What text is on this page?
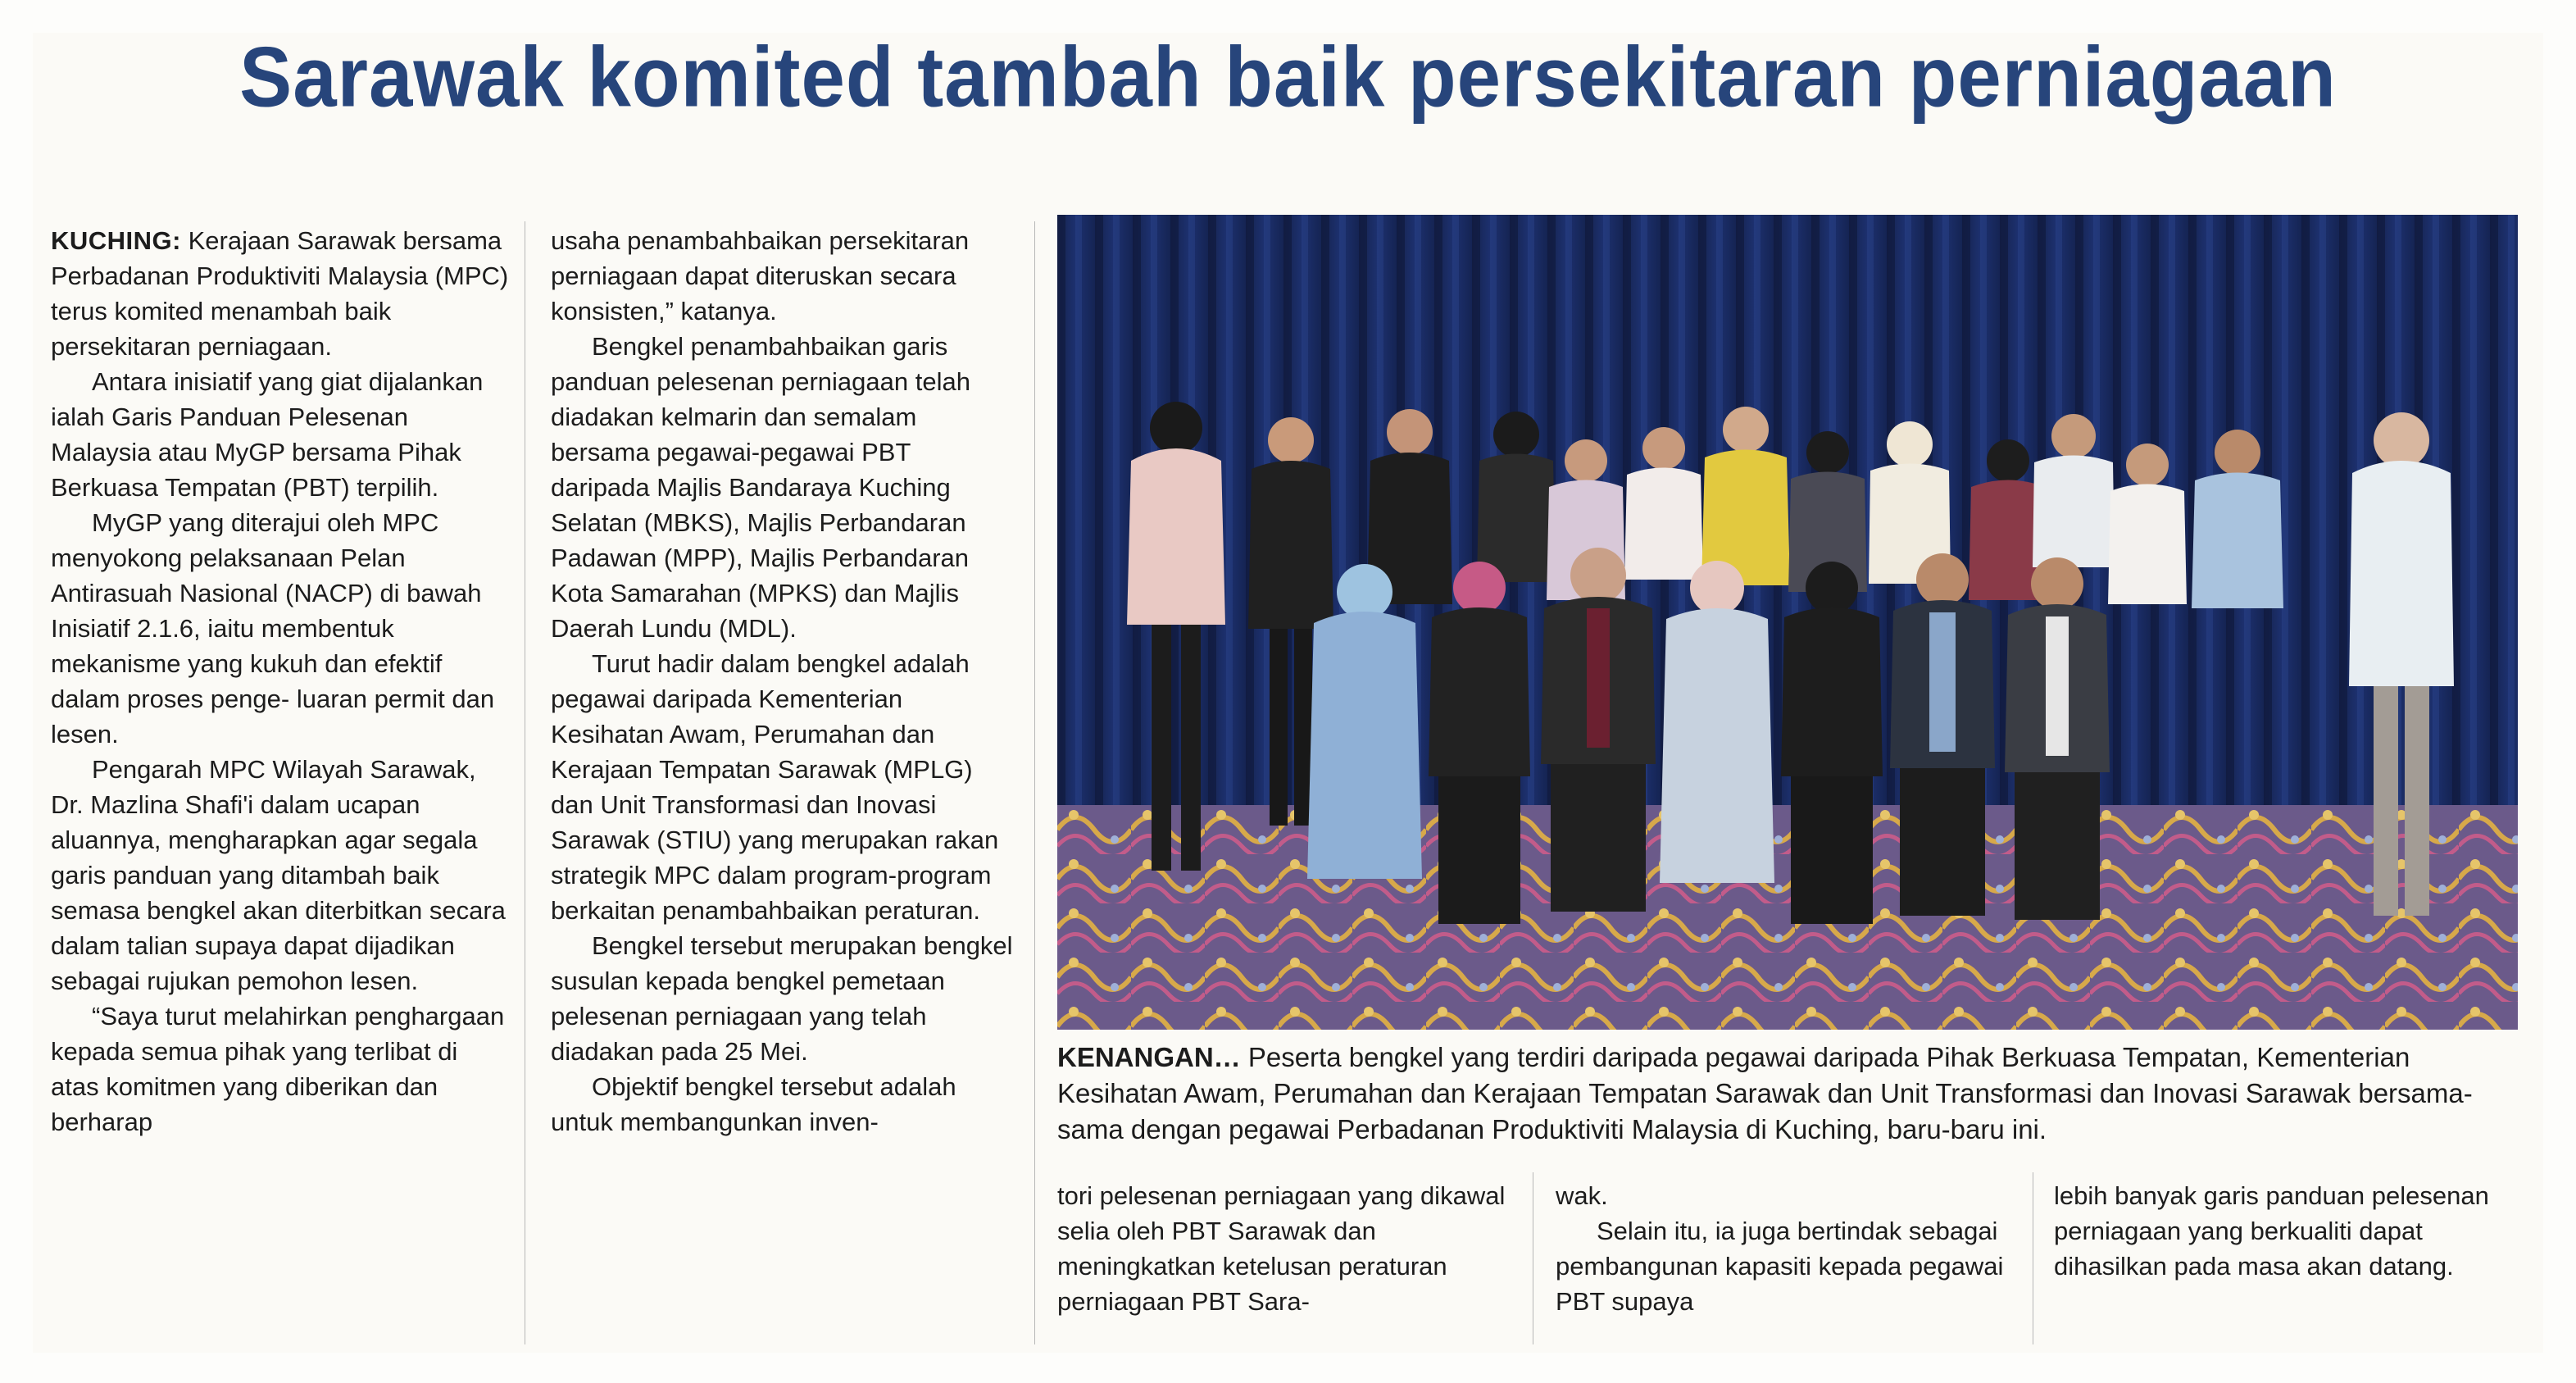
Sarawak komited tambah baik persekitaran perniagaan

KUCHING: Kerajaan Sarawak bersama Perbadanan Produktiviti Malaysia (MPC) terus komited menambah baik persekitaran perniagaan.

Antara inisiatif yang giat dijalankan ialah Garis Panduan Pelesenan Malaysia atau MyGP bersama Pihak Berkuasa Tempatan (PBT) terpilih.

MyGP yang diterajui oleh MPC menyokong pelaksanaan Pelan Antirasuah Nasional (NACP) di bawah Inisiatif 2.1.6, iaitu membentuk mekanisme yang kukuh dan efektif dalam proses penge- luaran permit dan lesen.

Pengarah MPC Wilayah Sarawak, Dr. Mazlina Shafi'i dalam ucapan aluannya, mengharapkan agar segala garis panduan yang ditambah baik semasa bengkel akan diterbitkan secara dalam talian supaya dapat dijadikan sebagai rujukan pemohon lesen.

“Saya turut melahirkan penghargaan kepada semua pihak yang terlibat di atas komitmen yang diberikan dan berharap

usaha penambahbaikan persekitaran perniagaan dapat diteruskan secara konsisten,” katanya.

Bengkel penambahbaikan garis panduan pelesenan perniagaan telah diadakan kelmarin dan semalam bersama pegawai-pegawai PBT daripada Majlis Bandaraya Kuching Selatan (MBKS), Majlis Perbandaran Padawan (MPP), Majlis Perbandaran Kota Samarahan (MPKS) dan Majlis Daerah Lundu (MDL).

Turut hadir dalam bengkel adalah pegawai daripada Kementerian Kesihatan Awam, Perumahan dan Kerajaan Tempatan Sarawak (MPLG) dan Unit Transformasi dan Inovasi Sarawak (STIU) yang merupakan rakan strategik MPC dalam program-program berkaitan penambahbaikan peraturan.

Bengkel tersebut merupakan bengkel susulan kepada bengkel pemetaan pelesenan perniagaan yang telah diadakan pada 25 Mei.

Objektif bengkel tersebut adalah untuk membangunkan inven-

KENANGAN… Peserta bengkel yang terdiri daripada pegawai daripada Pihak Berkuasa Tempatan, Kementerian Kesihatan Awam, Perumahan dan Kerajaan Tempatan Sarawak dan Unit Transformasi dan Inovasi Sarawak bersama-sama dengan pegawai Perbadanan Produktiviti Malaysia di Kuching, baru-baru ini.

tori pelesenan perniagaan yang dikawal selia oleh PBT Sarawak dan meningkatkan ketelusan peraturan perniagaan PBT Sara-

wak.

Selain itu, ia juga bertindak sebagai pembangunan kapasiti kepada pegawai PBT supaya

lebih banyak garis panduan pelesenan perniagaan yang berkualiti dapat dihasilkan pada masa akan datang.
